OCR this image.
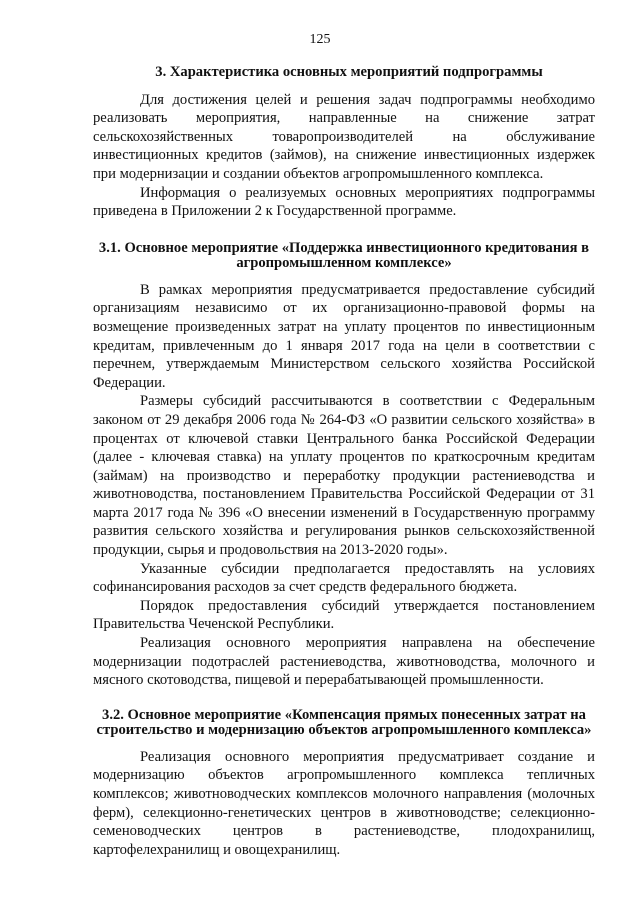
125
3. Характеристика основных мероприятий подпрограммы

Для достижения целей и решения задач подпрограммы необходимо реализовать мероприятия, направленные на снижение затрат сельскохозяйственных товаропроизводителей на обслуживание инвестиционных кредитов (займов), на снижение инвестиционных издержек при модернизации и создании объектов агропромышленного комплекса.

Информация о реализуемых основных мероприятиях подпрограммы приведена в Приложении 2 к Государственной программе.

3.1. Основное мероприятие «Поддержка инвестиционного кредитования в агропромышленном комплексе»

В рамках мероприятия предусматривается предоставление субсидий организациям независимо от их организационно-правовой формы на возмещение произведенных затрат на уплату процентов по инвестиционным кредитам, привлеченным до 1 января 2017 года на цели в соответствии с перечнем, утверждаемым Министерством сельского хозяйства Российской Федерации.

Размеры субсидий рассчитываются в соответствии с Федеральным законом от 29 декабря 2006 года № 264-ФЗ «О развитии сельского хозяйства» в процентах от ключевой ставки Центрального банка Российской Федерации (далее - ключевая ставка) на уплату процентов по краткосрочным кредитам (займам) на производство и переработку продукции растениеводства и животноводства, постановлением Правительства Российской Федерации от 31 марта 2017 года № 396 «О внесении изменений в Государственную программу развития сельского хозяйства и регулирования рынков сельскохозяйственной продукции, сырья и продовольствия на 2013-2020 годы».

Указанные субсидии предполагается предоставлять на условиях софинансирования расходов за счет средств федерального бюджета.

Порядок предоставления субсидий утверждается постановлением Правительства Чеченской Республики.

Реализация основного мероприятия направлена на обеспечение модернизации подотраслей растениеводства, животноводства, молочного и мясного скотоводства, пищевой и перерабатывающей промышленности.

3.2. Основное мероприятие «Компенсация прямых понесенных затрат на строительство и модернизацию объектов агропромышленного комплекса»

Реализация основного мероприятия предусматривает создание и модернизацию объектов агропромышленного комплекса тепличных комплексов; животноводческих комплексов молочного направления (молочных ферм), селекционно-генетических центров в животноводстве; селекционно-семеноводческих центров в растениеводстве, плодохранилищ, картофелехранилищ и овощехранилищ.
